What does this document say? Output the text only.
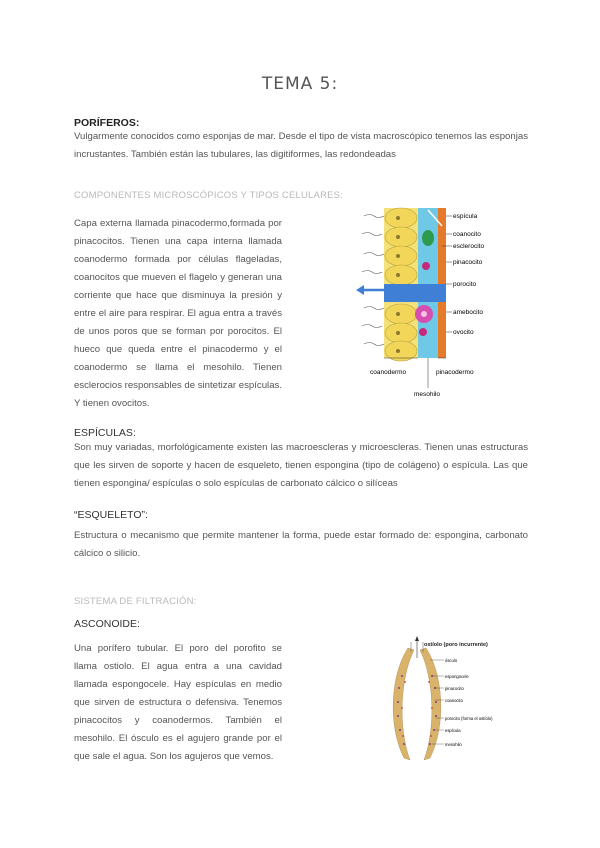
TEMA 5:
PORÍFEROS:
Vulgarmente conocidos como esponjas de mar. Desde el tipo de vista macroscópico tenemos las esponjas incrustantes. También están las tubulares, las digitiformes, las redondeadas
COMPONENTES MICROSCÓPICOS Y TIPOS CELULARES:
Capa externa llamada pinacodermo,formada por pinacocitos. Tienen una capa interna llamada coanodermo formada por células flageladas, coanocitos que mueven el flagelo y generan una corriente que hace que disminuya la presión y entre el aire para respirar. El agua entra a través de unos poros que se forman por porocitos. El hueco que queda entre el pinacodermo y el coanodermo se llama el mesohilo. Tienen esclerocios responsables de sintetizar espículas. Y tienen ovocitos.
espícula
coanocito
esclerocito
pinacocito
porocito
amebocito
ovocito
coanodermo	pinacodermo
mesohilo
ESPÍCULAS:
Son muy variadas, morfológicamente existen las macroescleras y microescleras. Tienen unas estructuras que les sirven de soporte y hacen de esqueleto, tienen espongina (tipo de colágeno) o espícula. Las que tienen espongina/ espículas o solo espículas de carbonato cálcico o silíceas
“ESQUELETO”:
Estructura o mecanismo que permite mantener la forma, puede estar formado de: espongina, carbonato cálcico o silicio.
SISTEMA DE FILTRACIÓN:
ASCONOIDE:
Una porífero tubular. El poro del porofito se llama ostiolo. El agua entra a una cavidad llamada espongocele. Hay espículas en medio que sirven de estructura o defensiva. Tenemos pinacocitos y coanodermos. También el mesohilo. El ósculo es el agujero grande por el que sale el agua. Son los agujeros que vemos.
ostíolo (poro incurrente)
ósculo
espongocele
pinacocito
coanocito
porocito (forma el ostíolo)
espícula
mesohilo
